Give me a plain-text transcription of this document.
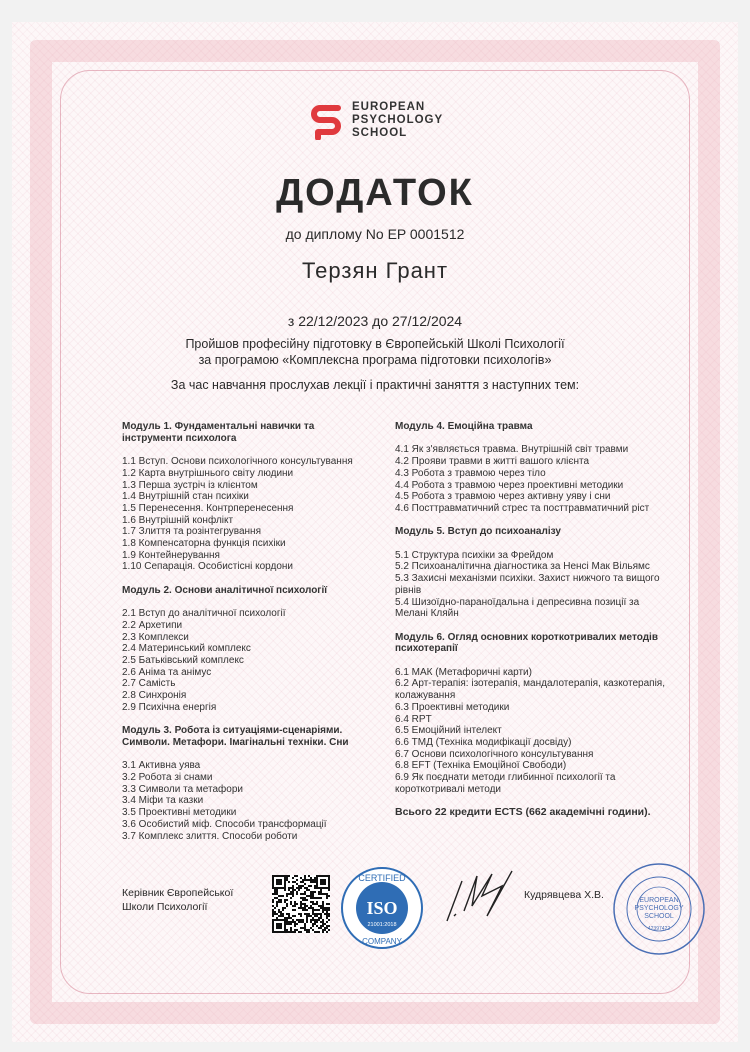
EUROPEAN
PSYCHOLOGY
SCHOOL
ДОДАТОК
до диплому No EP 0001512
Терзян Грант
з 22/12/2023 до 27/12/2024
Пройшов професійну підготовку в Європейській Школі Психології
за програмою «Комплексна програма підготовки психологів»
За час навчання прослухав лекції і практичні заняття з наступних тем:
Модуль 1. Фундаментальні навички та інструменти психолога
1.1 Вступ. Основи психологічного консультування
1.2 Карта внутрішнього світу людини
1.3 Перша зустріч із клієнтом
1.4 Внутрішній стан психіки
1.5 Перенесення. Контрперенесення
1.6 Внутрішній конфлікт
1.7 Злиття та розінтегрування
1.8 Компенсаторна функція психіки
1.9 Контейнерування
1.10 Сепарація. Особистісні кордони
Модуль 2. Основи аналітичної психології
2.1 Вступ до аналітичної психології
2.2 Архетипи
2.3 Комплекси
2.4 Материнський комплекс
2.5 Батьківський комплекс
2.6 Аніма та анімус
2.7 Самість
2.8 Синхронія
2.9 Психічна енергія
Модуль 3. Робота із ситуаціями-сценаріями. Символи. Метафори. Імагінальні техніки. Сни
3.1 Активна уява
3.2 Робота зі снами
3.3 Символи та метафори
3.4 Міфи та казки
3.5 Проективні методики
3.6 Особистий міф. Способи трансформації
3.7 Комплекс злиття. Способи роботи
Модуль 4. Емоційна травма
4.1 Як з'являється травма. Внутрішній світ травми
4.2 Прояви травми в житті вашого клієнта
4.3 Робота з травмою через тіло
4.4 Робота з травмою через проективні методики
4.5 Робота з травмою через активну уяву і сни
4.6 Посттравматичний стрес та посттравматичний ріст
Модуль 5. Вступ до психоаналізу
5.1 Структура психіки за Фрейдом
5.2 Психоаналітична діагностика за Ненсі Мак Вільямс
5.3 Захисні механізми психіки. Захист нижчого та вищого рівнів
5.4 Шизоїдно-параноїдальна і депресивна позиції за Мелані Кляйн
Модуль 6. Огляд основних короткотривалих методів психотерапії
6.1 МАК (Метафоричні карти)
6.2 Арт-терапія: ізотерапія, мандалотерапія, казкотерапія, колажування
6.3 Проективні методики
6.4 RPT
6.5 Емоційний інтелект
6.6 ТМД (Техніка модифікації досвіду)
6.7 Основи психологічного консультування
6.8 EFT (Техніка Емоційної Свободи)
6.9 Як поєднати методи глибинної психології та короткотривалі методи
Всього 22 кредити ECTS (662 академічні години).
Керівник Європейської
Школи Психології
CERTIFIED
ISO
21001:2018
COMPANY
Кудрявцева Х.В.	EUROPEAN
PSYCHOLOGY
SCHOOL
42397422
